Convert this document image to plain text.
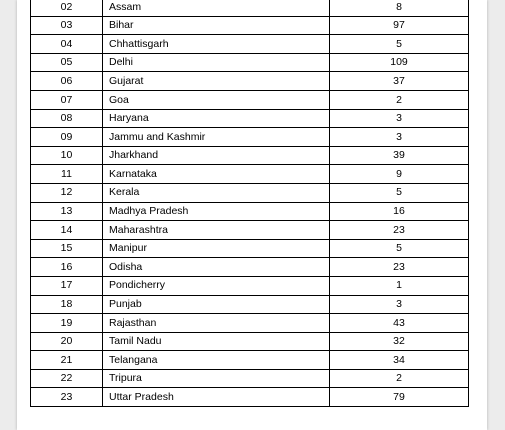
02	Assam	8
03	Bihar	97
04	Chhattisgarh	5
05	Delhi	109
06	Gujarat	37
07	Goa	2
08	Haryana	3
09	Jammu and Kashmir	3
10	Jharkhand	39
11	Karnataka	9
12	Kerala	5
13	Madhya Pradesh	16
14	Maharashtra	23
15	Manipur	5
16	Odisha	23
17	Pondicherry	1
18	Punjab	3
19	Rajasthan	43
20	Tamil Nadu	32
21	Telangana	34
22	Tripura	2
23	Uttar Pradesh	79
